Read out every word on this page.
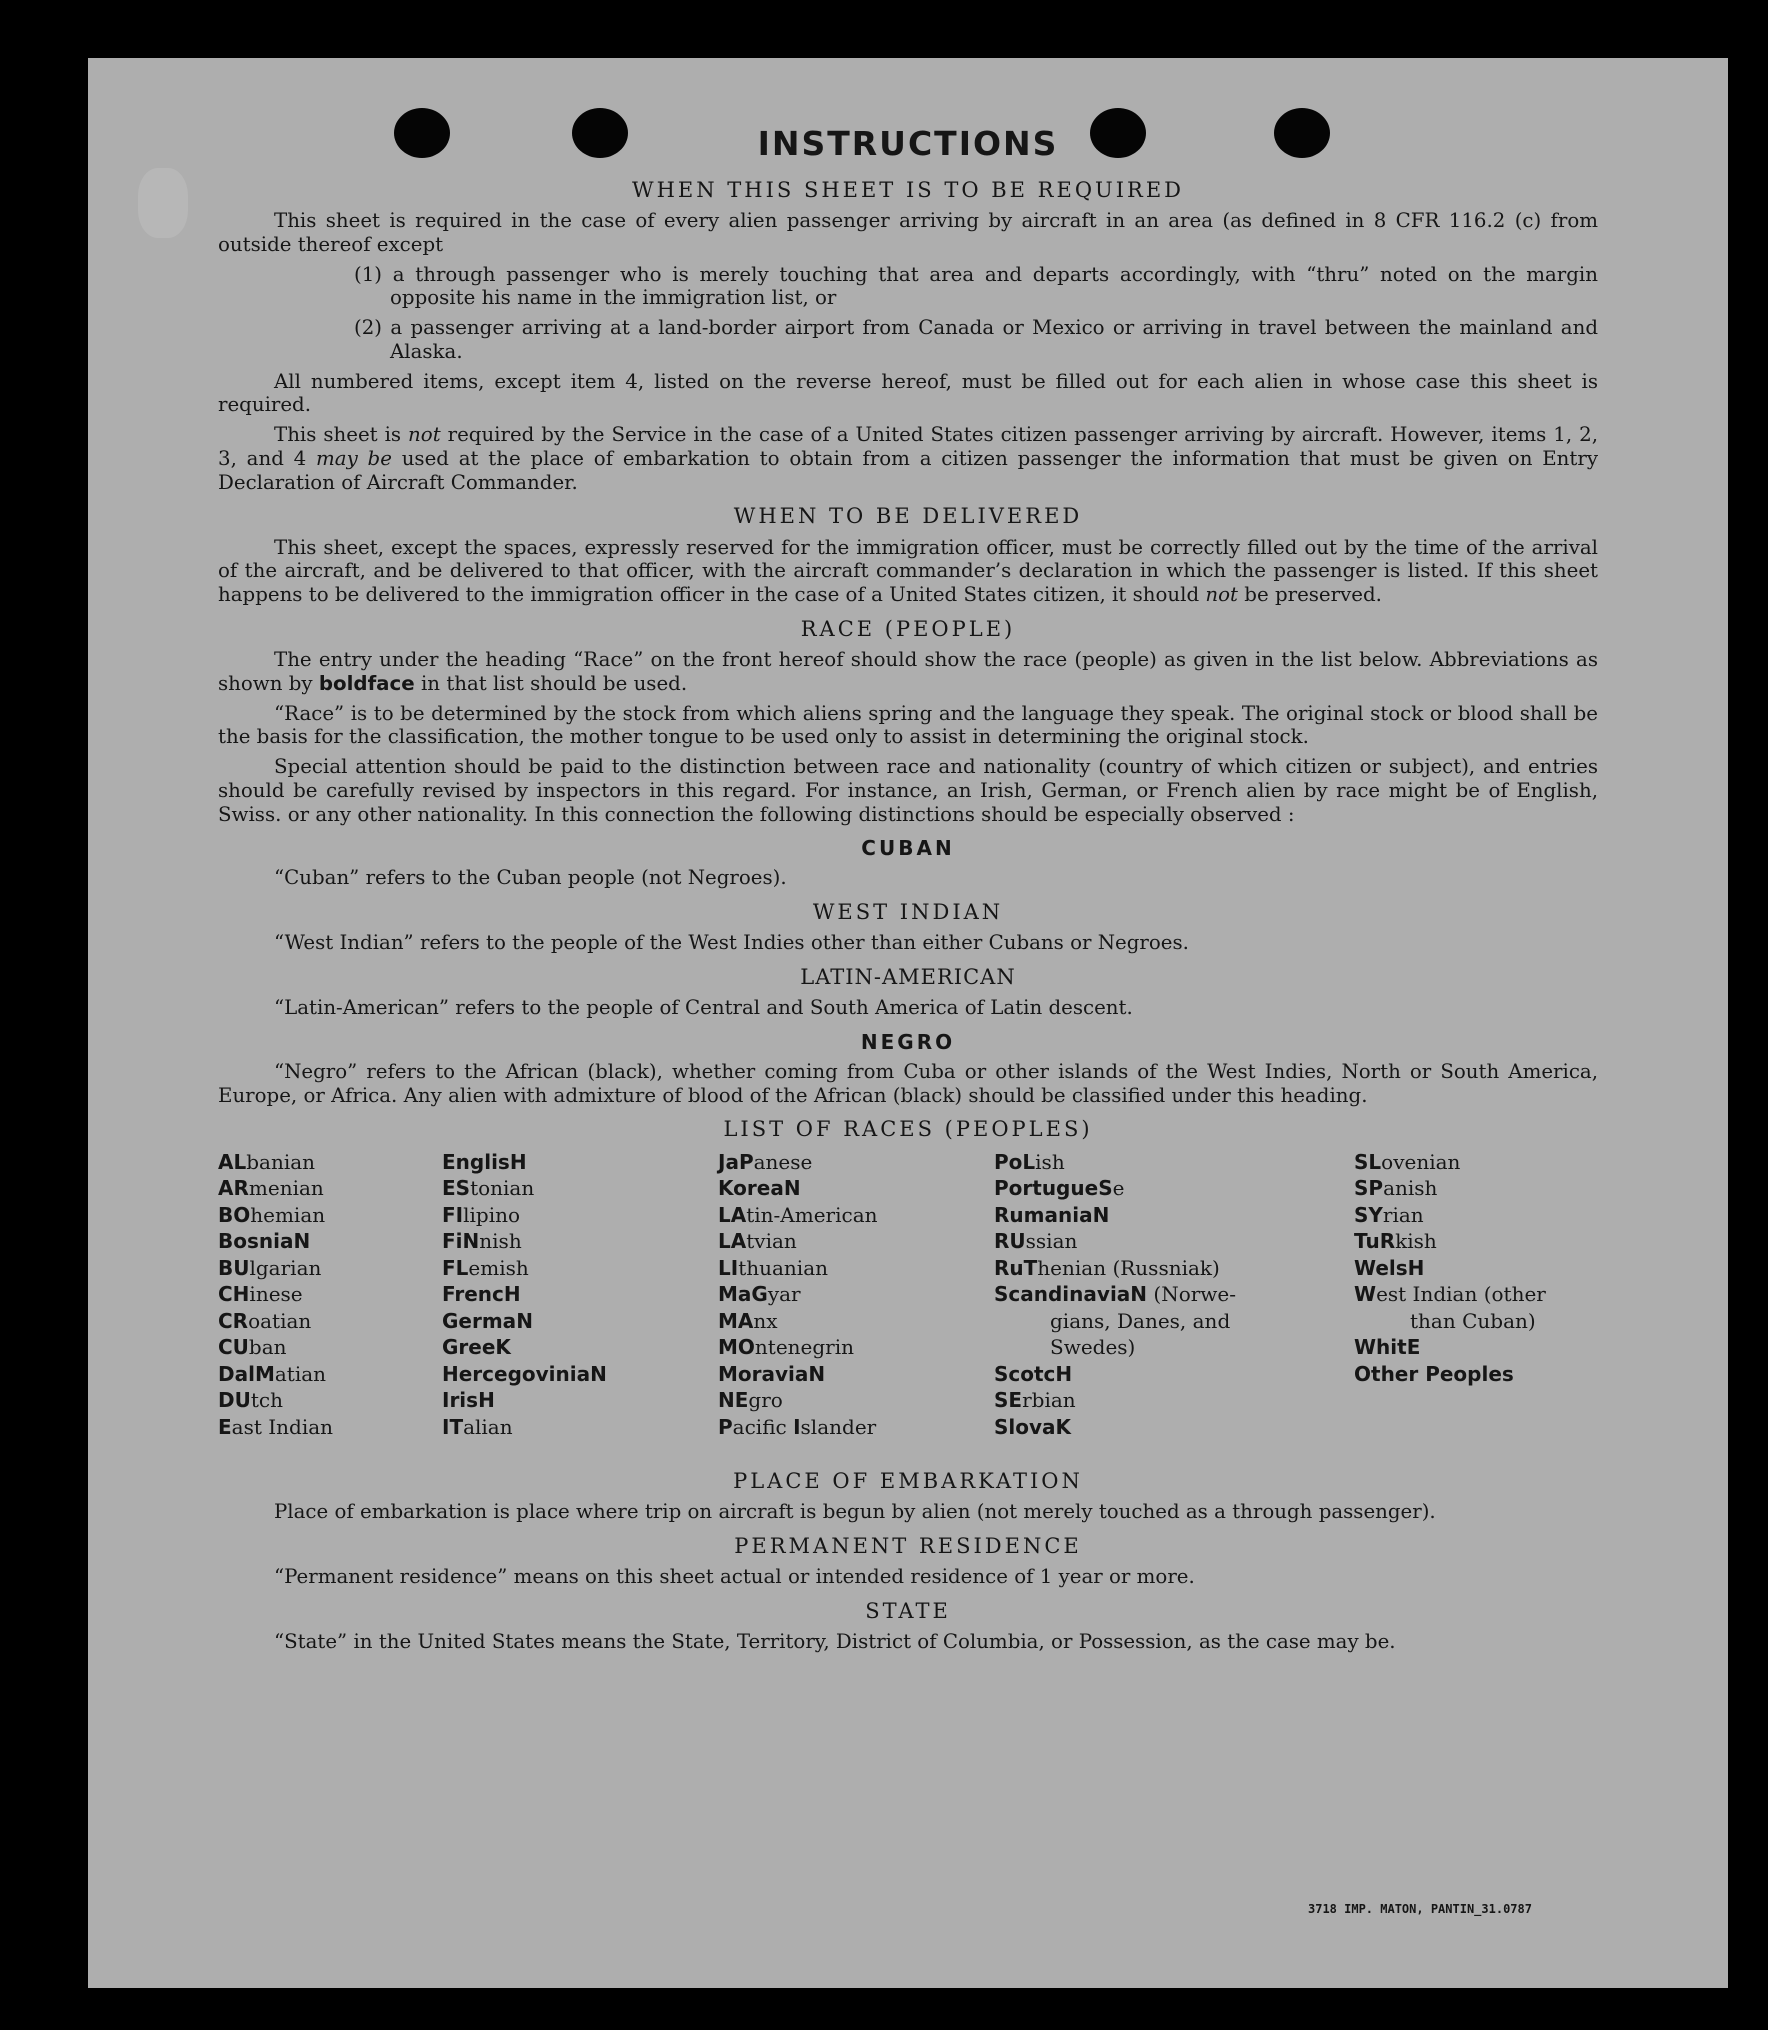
INSTRUCTIONS
WHEN THIS SHEET IS TO BE REQUIRED

This sheet is required in the case of every alien passenger arriving by aircraft in an area (as defined in 8 CFR 116.2 (c) from outside thereof except

(1) a through passenger who is merely touching that area and departs accordingly, with “thru” noted on the margin opposite his name in the immigration list, or
(2) a passenger arriving at a land-border airport from Canada or Mexico or arriving in travel between the mainland and Alaska.

All numbered items, except item 4, listed on the reverse hereof, must be filled out for each alien in whose case this sheet is required.

This sheet is not required by the Service in the case of a United States citizen passenger arriving by aircraft. However, items 1, 2, 3, and 4 may be used at the place of embarkation to obtain from a citizen passenger the information that must be given on Entry Declaration of Aircraft Commander.

WHEN TO BE DELIVERED

This sheet, except the spaces, expressly reserved for the immigration officer, must be correctly filled out by the time of the arrival of the aircraft, and be delivered to that officer, with the aircraft commander’s declaration in which the passenger is listed. If this sheet happens to be delivered to the immigration officer in the case of a United States citizen, it should not be preserved.

RACE (PEOPLE)

The entry under the heading “Race” on the front hereof should show the race (people) as given in the list below. Abbreviations as shown by boldface in that list should be used.

“Race” is to be determined by the stock from which aliens spring and the language they speak. The original stock or blood shall be the basis for the classification, the mother tongue to be used only to assist in determining the original stock.

Special attention should be paid to the distinction between race and nationality (country of which citizen or subject), and entries should be carefully revised by inspectors in this regard. For instance, an Irish, German, or French alien by race might be of English, Swiss. or any other nationality. In this connection the following distinctions should be especially observed :

CUBAN

“Cuban” refers to the Cuban people (not Negroes).

WEST INDIAN

“West Indian” refers to the people of the West Indies other than either Cubans or Negroes.

LATIN-AMERICAN

“Latin-American” refers to the people of Central and South America of Latin descent.

NEGRO

“Negro” refers to the African (black), whether coming from Cuba or other islands of the West Indies, North or South America, Europe, or Africa. Any alien with admixture of blood of the African (black) should be classified under this heading.

LIST OF RACES (PEOPLES)
ALbanian
ARmenian
BOhemian
BosniaN
BUlgarian
CHinese
CRoatian
CUban
DalMatian
DUtch
East Indian
EnglisH
EStonian
FIlipino
FiNnish
FLemish
FrencH
GermaN
GreeK
HercegoviniaN
IrisH
ITalian
JaPanese
KoreaN
LAtin-American
LAtvian
LIthuanian
MaGyar
MAnx
MOntenegrin
MoraviaN
NEgro
Pacific Islander
PoLish
PortugueSe
RumaniaN
RUssian
RuThenian (Russniak)
ScandinaviaN (Norwe-
gians, Danes, and
Swedes)
ScotcH
SErbian
SlovaK
SLovenian
SPanish
SYrian
TuRkish
WelsH
West Indian (other
than Cuban)
WhitE
Other Peoples
PLACE OF EMBARKATION

Place of embarkation is place where trip on aircraft is begun by alien (not merely touched as a through passenger).

PERMANENT RESIDENCE

“Permanent residence” means on this sheet actual or intended residence of 1 year or more.

STATE

“State” in the United States means the State, Territory, District of Columbia, or Possession, as the case may be.

3718 IMP. MATON, PANTIN_31.0787
